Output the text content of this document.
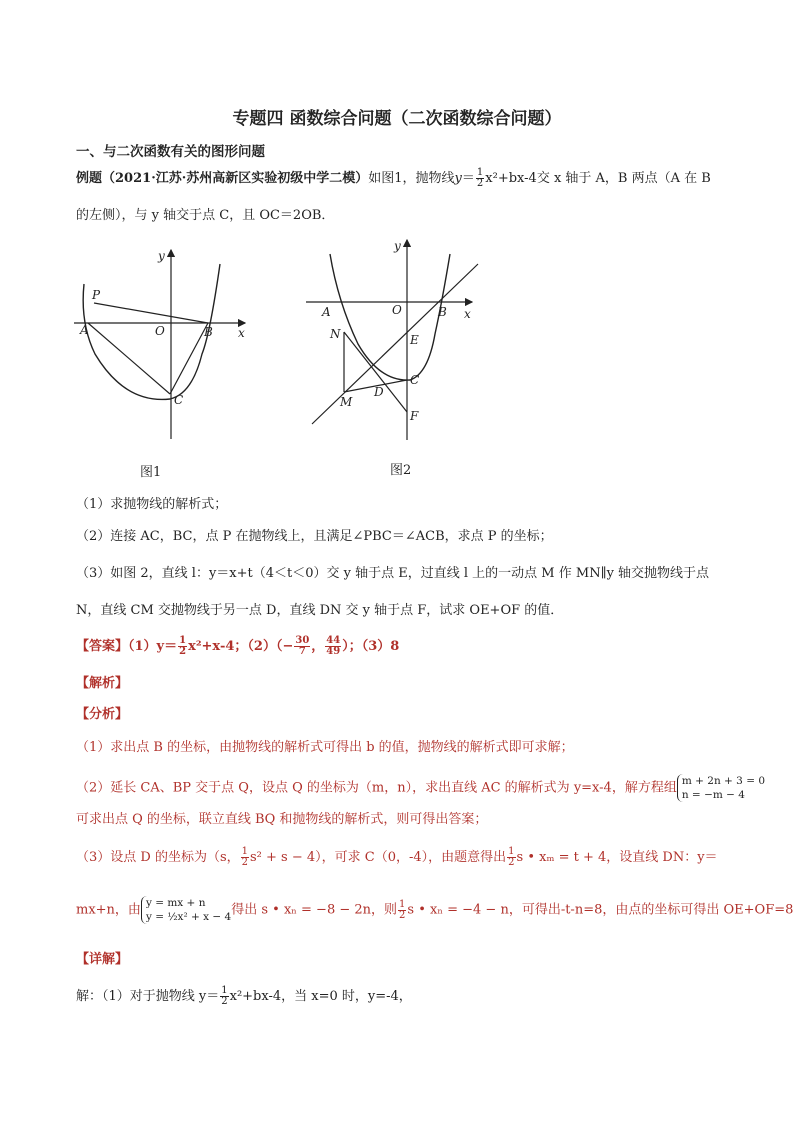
专题四 函数综合问题（二次函数综合问题）
一、与二次函数有关的图形问题
例题（2021·江苏·苏州高新区实验初级中学二模）如图1，抛物线$y= \frac{1}{2} x^2+bx-4$交 x 轴于 A，B 两点（A 在 B
的左侧），与 y 轴交于点 C，且 OC＝2OB．
y
x
P
A	O	B
C
图1
y
x
A	O	B
N	E
C
D
M
F
图2
（1）求抛物线的解析式；
（2）连接 AC，BC，点 P 在抛物线上，且满足∠PBC＝∠ACB，求点 P 的坐标；
（3）如图 2，直线 l：y＝x+t（4＜t＜0）交 y 轴于点 E，过直线 l 上的一动点 M 作 MN∥y 轴交抛物线于点
N，直线 CM 交抛物线于另一点 D，直线 DN 交 y 轴于点 F，试求 OE+OF 的值．
【答案】$(1)y= \frac{1}{2} x^2+x-4$；$(2)(- \frac{30}{7}$ ， $\frac{44}{49}$ ）；（3）8
【解析】
【分析】
（1）求出点 B 的坐标，由抛物线的解析式可得出 b 的值，抛物线的解析式即可求解；
（2）延长 CA、BP 交于点 Q，设点 Q 的坐标为（m，n），求出直线 AC 的解析式为 y=x-4，解方程组 m + 2n + 3 = 0
n = −m − 4
可求出点 Q 的坐标，联立直线 BQ 和抛物线的解析式，则可得出答案；
（3）设点 D 的坐标为（s， $\frac{1}{2} s^2 + s - 4$），可求 C（0，-4），由题意得出 $\frac{1}{2}$ s • xₘ = t + 4，设直线 DN：y＝
mx+n，由 y = mx + n
y = ½x² + x − 4 得出 s • xₙ = −8 − 2n，则 $\frac{1}{2}$ s • xₙ = −4 − n，可得出-t-n=8，由点的坐标可得出 OE+OF=8
【详解】
解：（1）对于抛物线 $y= \frac{1}{2} x^2+bx-4$，当 x=0 时，y=-4，
